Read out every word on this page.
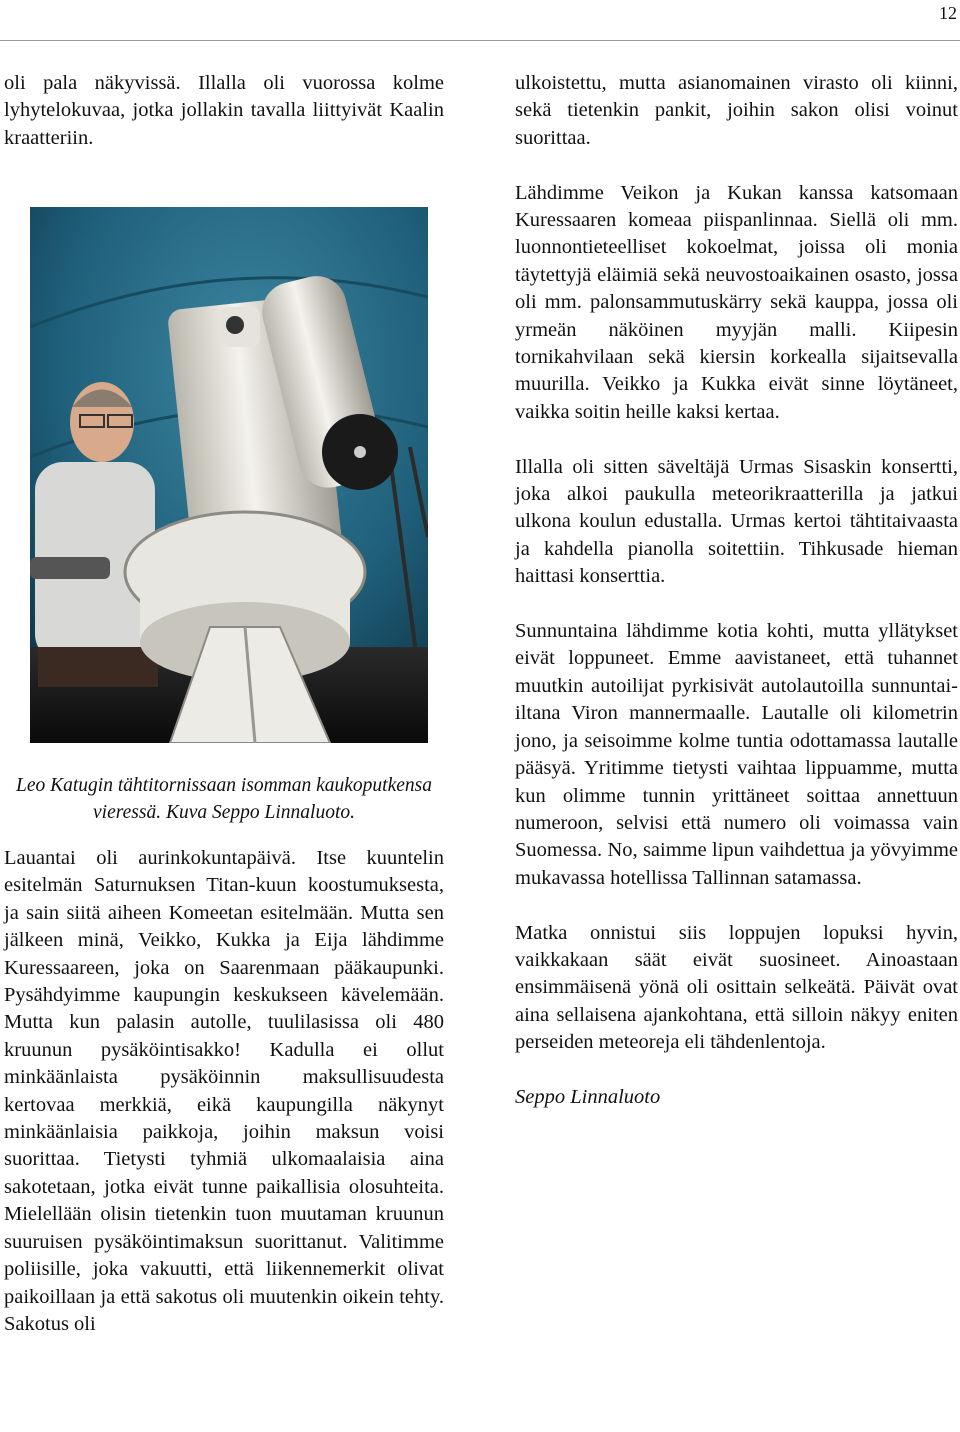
12

oli pala näkyvissä. Illalla oli vuorossa kolme lyhytelokuvaa, jotka jollakin tavalla liittyivät Kaalin kraatteriin.

Leo Katugin tähtitornissaan isomman kaukoputkensa vieressä. Kuva Seppo Linnaluoto.

Lauantai oli aurinkokuntapäivä. Itse kuuntelin esitelmän Saturnuksen Titan-kuun koostumuksesta, ja sain siitä aiheen Komeetan esitelmään. Mutta sen jälkeen minä, Veikko, Kukka ja Eija lähdimme Kuressaareen, joka on Saarenmaan pääkaupunki. Pysähdyimme kaupungin keskukseen kävelemään. Mutta kun palasin autolle, tuulilasissa oli 480 kruunun pysäköintisakko! Kadulla ei ollut minkäänlaista pysäköinnin maksullisuudesta kertovaa merkkiä, eikä kaupungilla näkynyt minkäänlaisia paikkoja, joihin maksun voisi suorittaa. Tietysti tyhmiä ulkomaalaisia aina sakotetaan, jotka eivät tunne paikallisia olosuhteita. Mielellään olisin tietenkin tuon muutaman kruunun suuruisen pysäköintimaksun suorittanut. Valitimme poliisille, joka vakuutti, että liikennemerkit olivat paikoillaan ja että sakotus oli muutenkin oikein tehty. Sakotus oli

ulkoistettu, mutta asianomainen virasto oli kiinni, sekä tietenkin pankit, joihin sakon olisi voinut suorittaa.

Lähdimme Veikon ja Kukan kanssa katsomaan Kuressaaren komeaa piispanlinnaa. Siellä oli mm. luonnontieteelliset kokoelmat, joissa oli monia täytettyjä eläimiä sekä neuvostoaikainen osasto, jossa oli mm. palonsammutuskärry sekä kauppa, jossa oli yrmeän näköinen myyjän malli. Kiipesin tornikahvilaan sekä kiersin korkealla sijaitsevalla muurilla. Veikko ja Kukka eivät sinne löytäneet, vaikka soitin heille kaksi kertaa.

Illalla oli sitten säveltäjä Urmas Sisaskin konsertti, joka alkoi paukulla meteorikraatterilla ja jatkui ulkona koulun edustalla. Urmas kertoi tähtitaivaasta ja kahdella pianolla soitettiin. Tihkusade hieman haittasi konserttia.

Sunnuntaina lähdimme kotia kohti, mutta yllätykset eivät loppuneet. Emme aavistaneet, että tuhannet muutkin autoilijat pyrkisivät autolautoilla sunnuntai-iltana Viron mannermaalle. Lautalle oli kilometrin jono, ja seisoimme kolme tuntia odottamassa lautalle pääsyä. Yritimme tietysti vaihtaa lippuamme, mutta kun olimme tunnin yrittäneet soittaa annettuun numeroon, selvisi että numero oli voimassa vain Suomessa. No, saimme lipun vaihdettua ja yövyimme mukavassa hotellissa Tallinnan satamassa.

Matka onnistui siis loppujen lopuksi hyvin, vaikkakaan säät eivät suosineet. Ainoastaan ensimmäisenä yönä oli osittain selkeätä. Päivät ovat aina sellaisena ajankohtana, että silloin näkyy eniten perseiden meteoreja eli tähdenlentoja.

Seppo Linnaluoto
